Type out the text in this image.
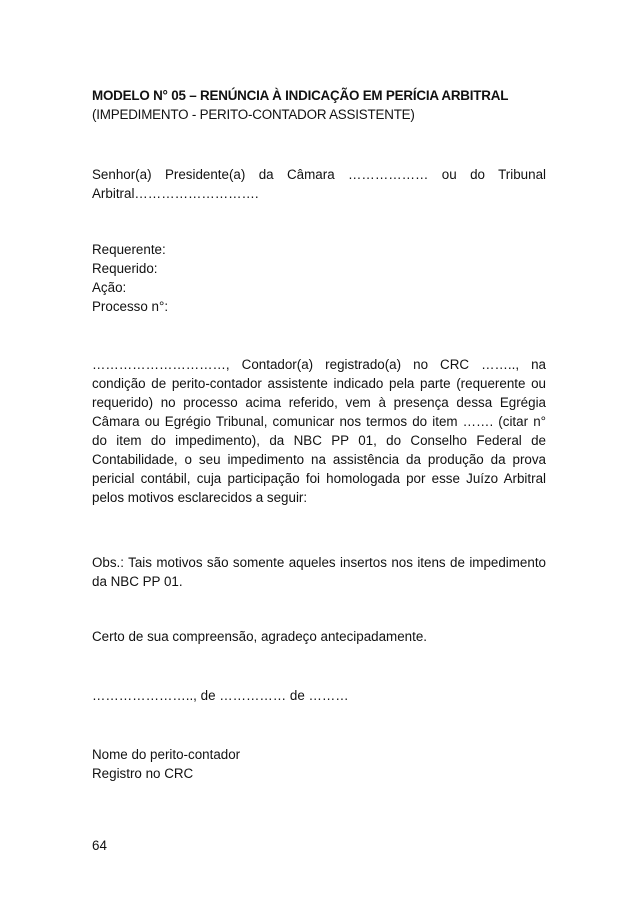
MODELO N° 05 – RENÚNCIA À INDICAÇÃO EM PERÍCIA ARBITRAL
(IMPEDIMENTO - PERITO-CONTADOR ASSISTENTE)
Senhor(a) Presidente(a) da Câmara ……………… ou do Tribunal Arbitral……………………….
Requerente:
Requerido:
Ação:
Processo n°:
…………………………, Contador(a) registrado(a) no CRC …….., na condição de perito-contador assistente indicado pela parte (requerente ou requerido) no processo acima referido, vem à presença dessa Egrégia Câmara ou Egrégio Tribunal, comunicar nos termos do item ……. (citar n° do item do impedimento), da NBC PP 01, do Conselho Federal de Contabilidade, o seu impedimento na assistência da produção da prova pericial contábil, cuja participação foi homologada por esse Juízo Arbitral pelos motivos esclarecidos a seguir:
Obs.: Tais motivos são somente aqueles insertos nos itens de impedimento da NBC PP 01.
Certo de sua compreensão, agradeço antecipadamente.
………………….., de …………… de ………
Nome do perito-contador
Registro no CRC
64
